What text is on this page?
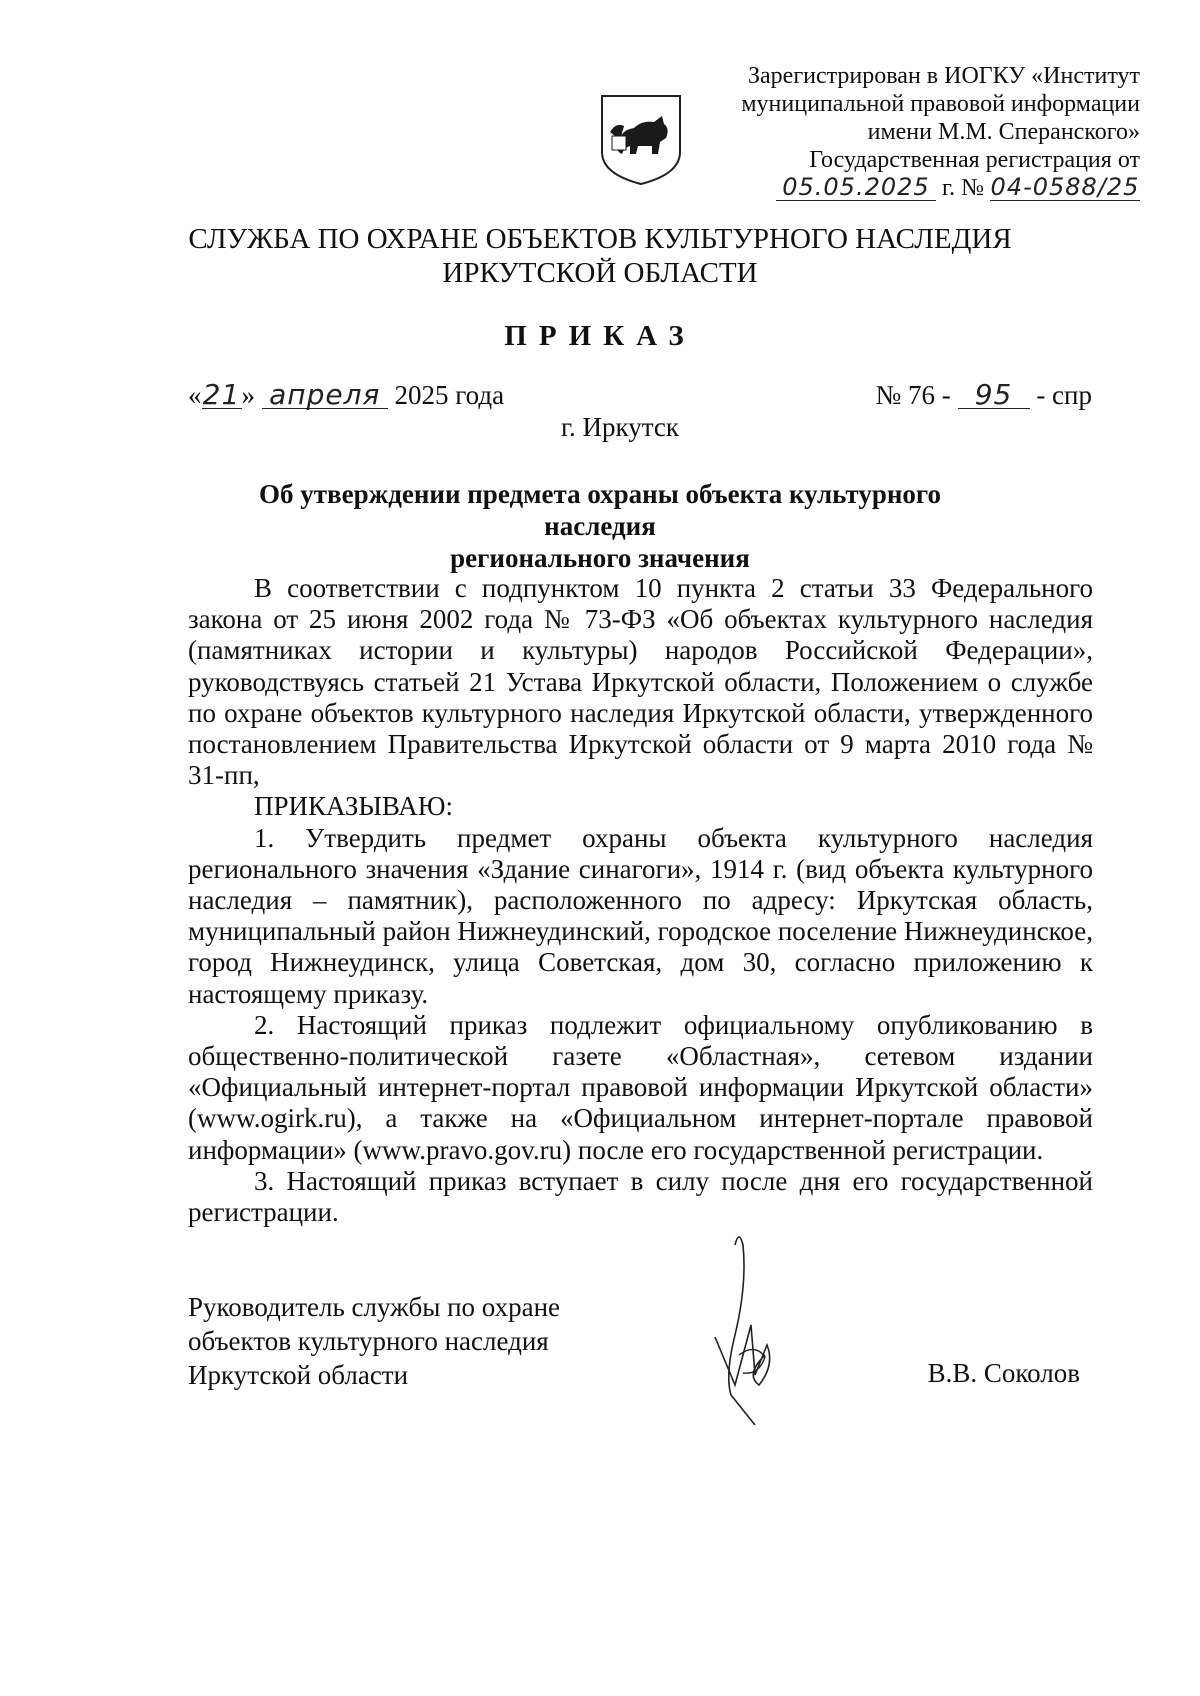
Зарегистрирован в ИОГКУ «Институт
муниципальной правовой информации
имени М.М. Сперанского»
Государственная регистрация от
05.05.2025 г. № 04-0588/25
СЛУЖБА ПО ОХРАНЕ ОБЪЕКТОВ КУЛЬТУРНОГО НАСЛЕДИЯ
ИРКУТСКОЙ ОБЛАСТИ
ПРИКАЗ
«21» апреля 2025 года	№ 76 - 95 - спр
г. Иркутск
Об утверждении предмета охраны объекта культурного наследия
регионального значения

В соответствии с подпунктом 10 пункта 2 статьи 33 Федерального закона от 25 июня 2002 года № 73-ФЗ «Об объектах культурного наследия (памятниках истории и культуры) народов Российской Федерации», руководствуясь статьей 21 Устава Иркутской области, Положением о службе по охране объектов культурного наследия Иркутской области, утвержденного постановлением Правительства Иркутской области от 9 марта 2010 года № 31-пп,

ПРИКАЗЫВАЮ:

1. Утвердить предмет охраны объекта культурного наследия регионального значения «Здание синагоги», 1914 г. (вид объекта культурного наследия – памятник), расположенного по адресу: Иркутская область, муниципальный район Нижнеудинский, городское поселение Нижнеудинское, город Нижнеудинск, улица Советская, дом 30, согласно приложению к настоящему приказу.

2. Настоящий приказ подлежит официальному опубликованию в общественно-политической газете «Областная», сетевом издании «Официальный интернет-портал правовой информации Иркутской области» (www.ogirk.ru), а также на «Официальном интернет-портале правовой информации» (www.pravo.gov.ru) после его государственной регистрации.

3. Настоящий приказ вступает в силу после дня его государственной регистрации.

Руководитель службы по охране
объектов культурного наследия
Иркутской области	В.В. Соколов
